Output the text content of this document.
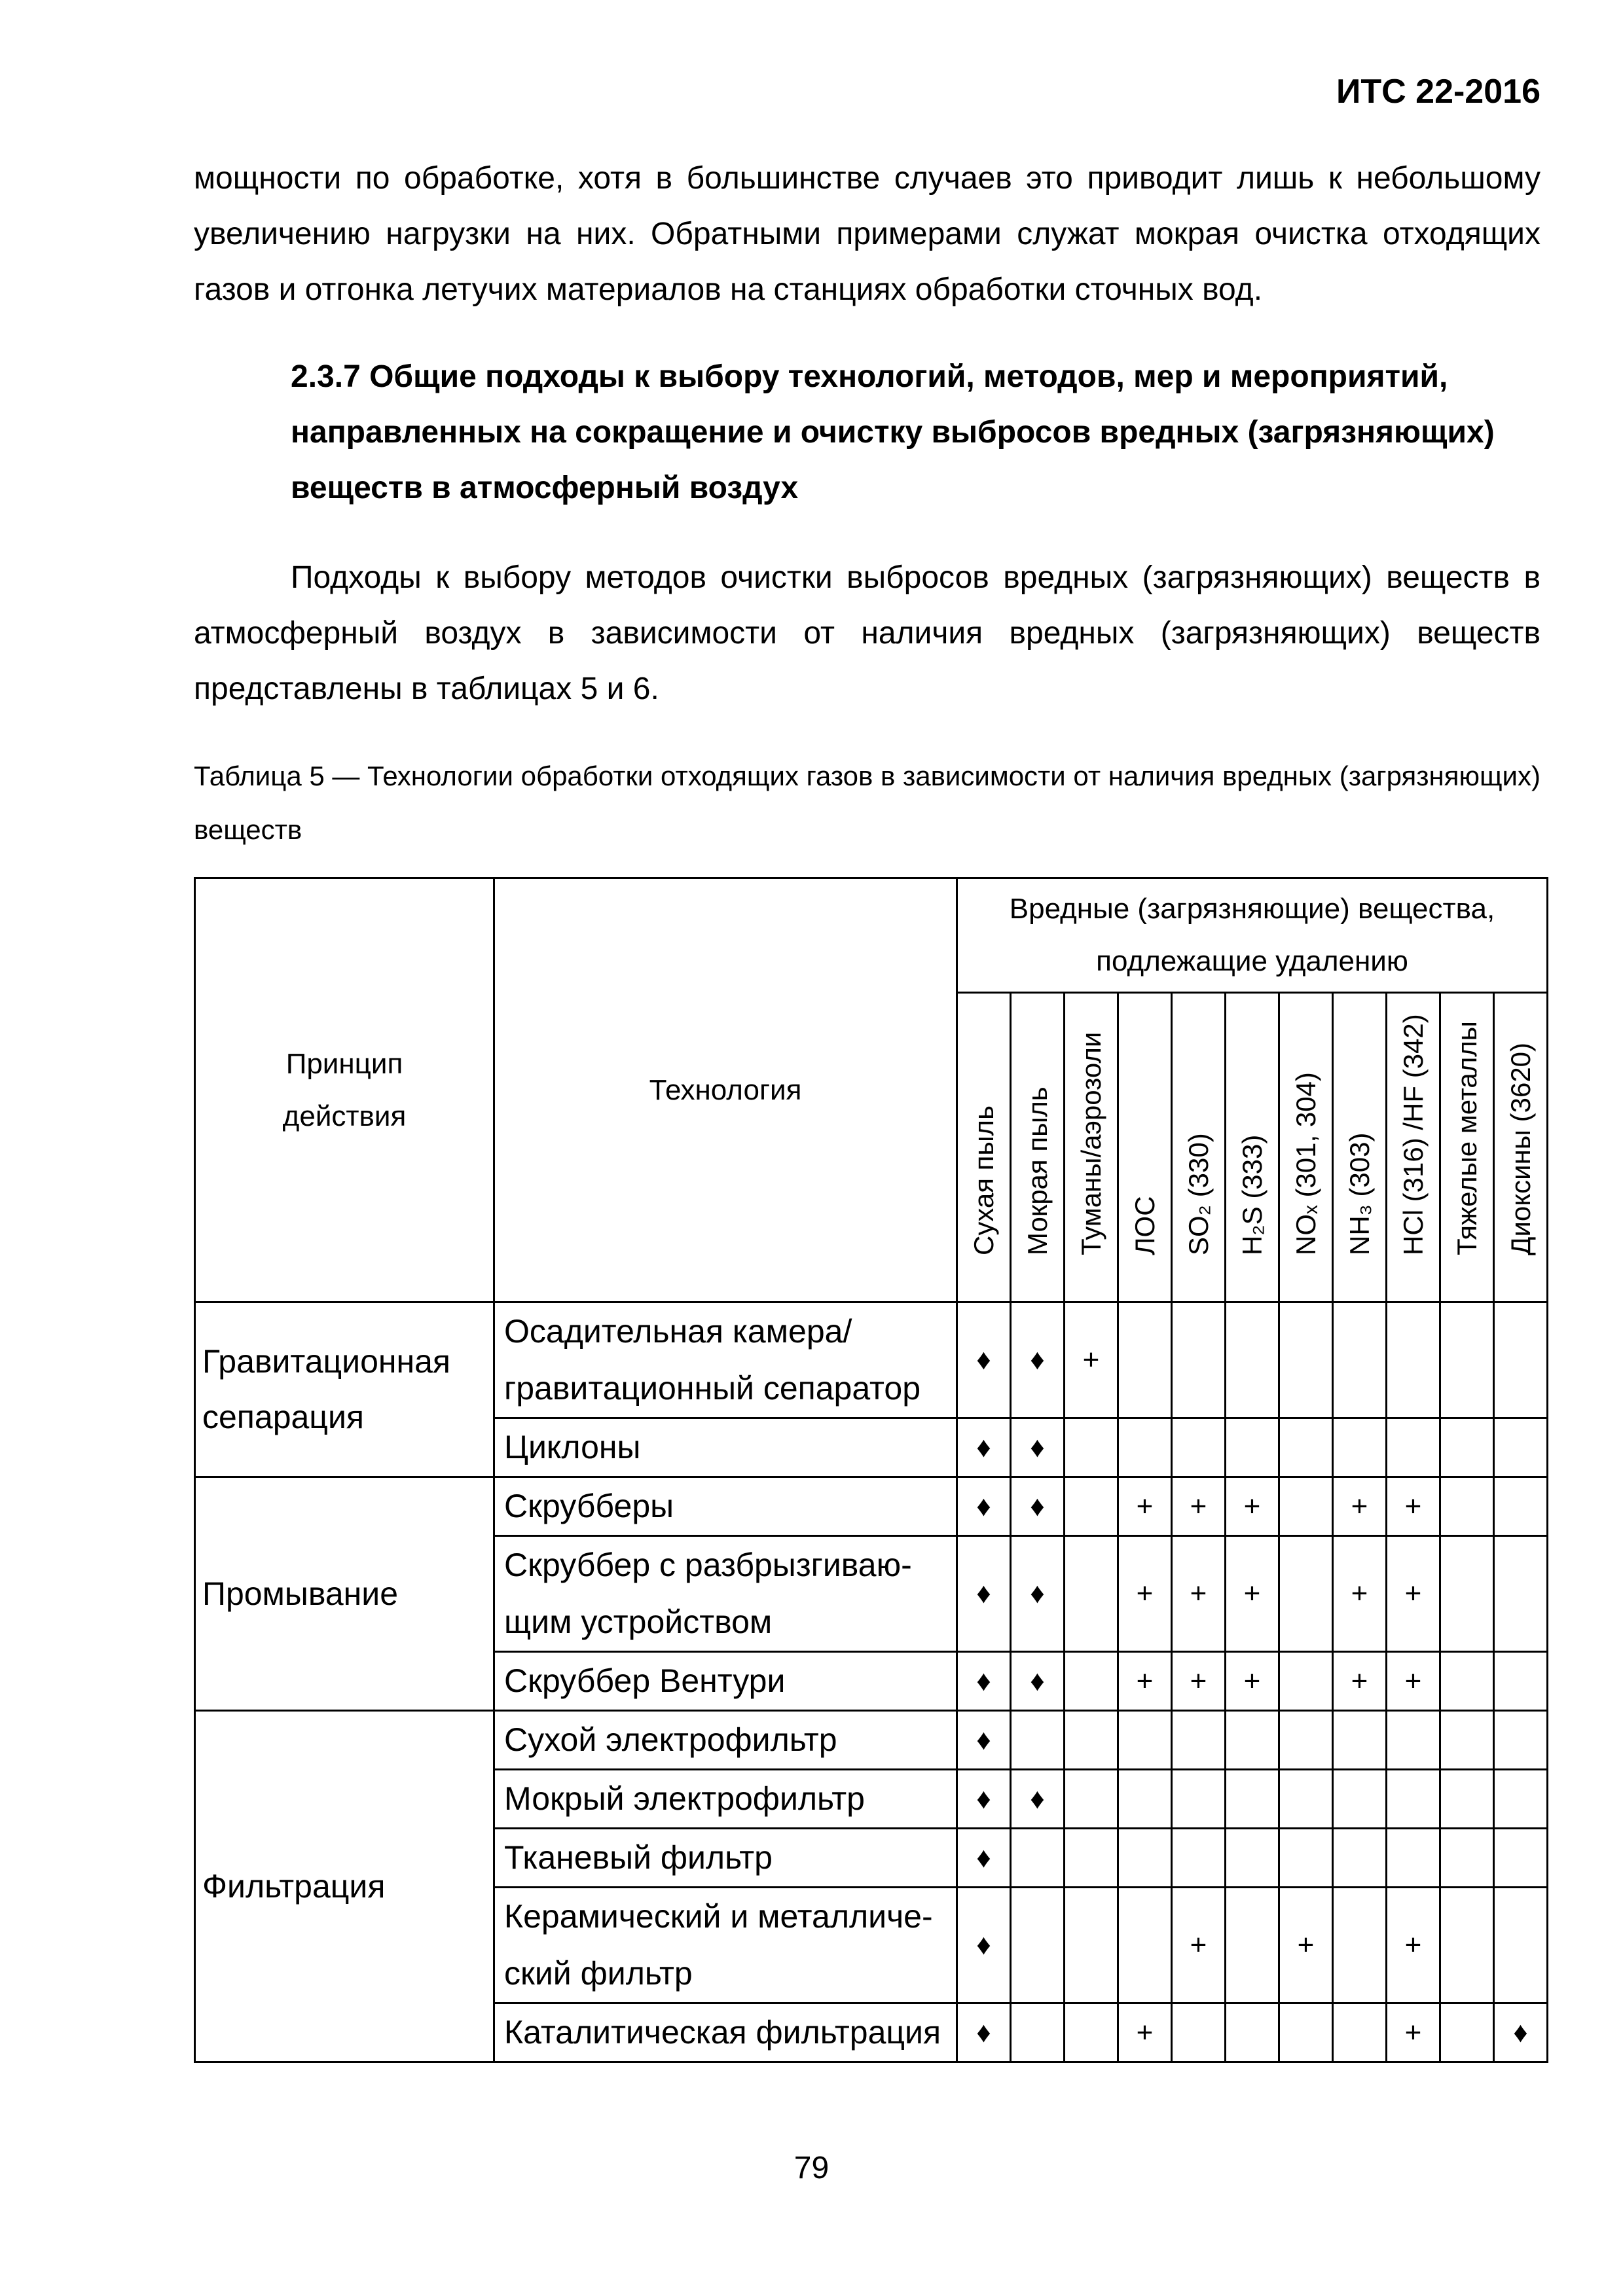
ИТС 22-2016

мощности по обработке, хотя в большинстве случаев это приводит лишь к небольшому увеличению нагрузки на них. Обратными примерами служат мокрая очистка отходящих газов и отгонка летучих материалов на станциях обработки сточных вод.

2.3.7 Общие подходы к выбору технологий, методов, мер и мероприятий, направленных на сокращение и очистку выбросов вредных (загрязняющих) веществ в атмосферный воздух

Подходы к выбору методов очистки выбросов вредных (загрязняющих) веществ в атмосферный воздух в зависимости от наличия вредных (загрязняющих) веществ представлены в таблицах 5 и 6.

Таблица 5 — Технологии обработки отходящих газов в зависимости от наличия вредных (загрязняющих) веществ

Принцип действия	Технология	Вредные (загрязняющие) вещества, подлежащие удалению										

		Сухая пыль	Мокрая пыль	Туманы/аэрозоли	ЛОС	SO₂ (330)	H₂S (333)	NOₓ (301, 304)	NH₃ (303)	HCl (316) /HF (342)	Тяжелые металлы	Диоксины (3620)

Гравитационная сепарация	Осадительная камера/ гравитационный сепаратор	♦	♦	+								
	Циклоны	♦	♦									
Промывание	Скрубберы	♦	♦		+	+	+		+	+		
	Скруббер с разбрызгиваю-щим устройством	♦	♦		+	+	+		+	+		
	Скруббер Вентури	♦	♦		+	+	+		+	+		
Фильтрация	Сухой электрофильтр	♦										
	Мокрый электрофильтр	♦	♦									
	Тканевый фильтр	♦										
	Керамический и металличе-ский фильтр	♦				+		+		+		
	Каталитическая фильтрация	♦			+					+		♦
79
